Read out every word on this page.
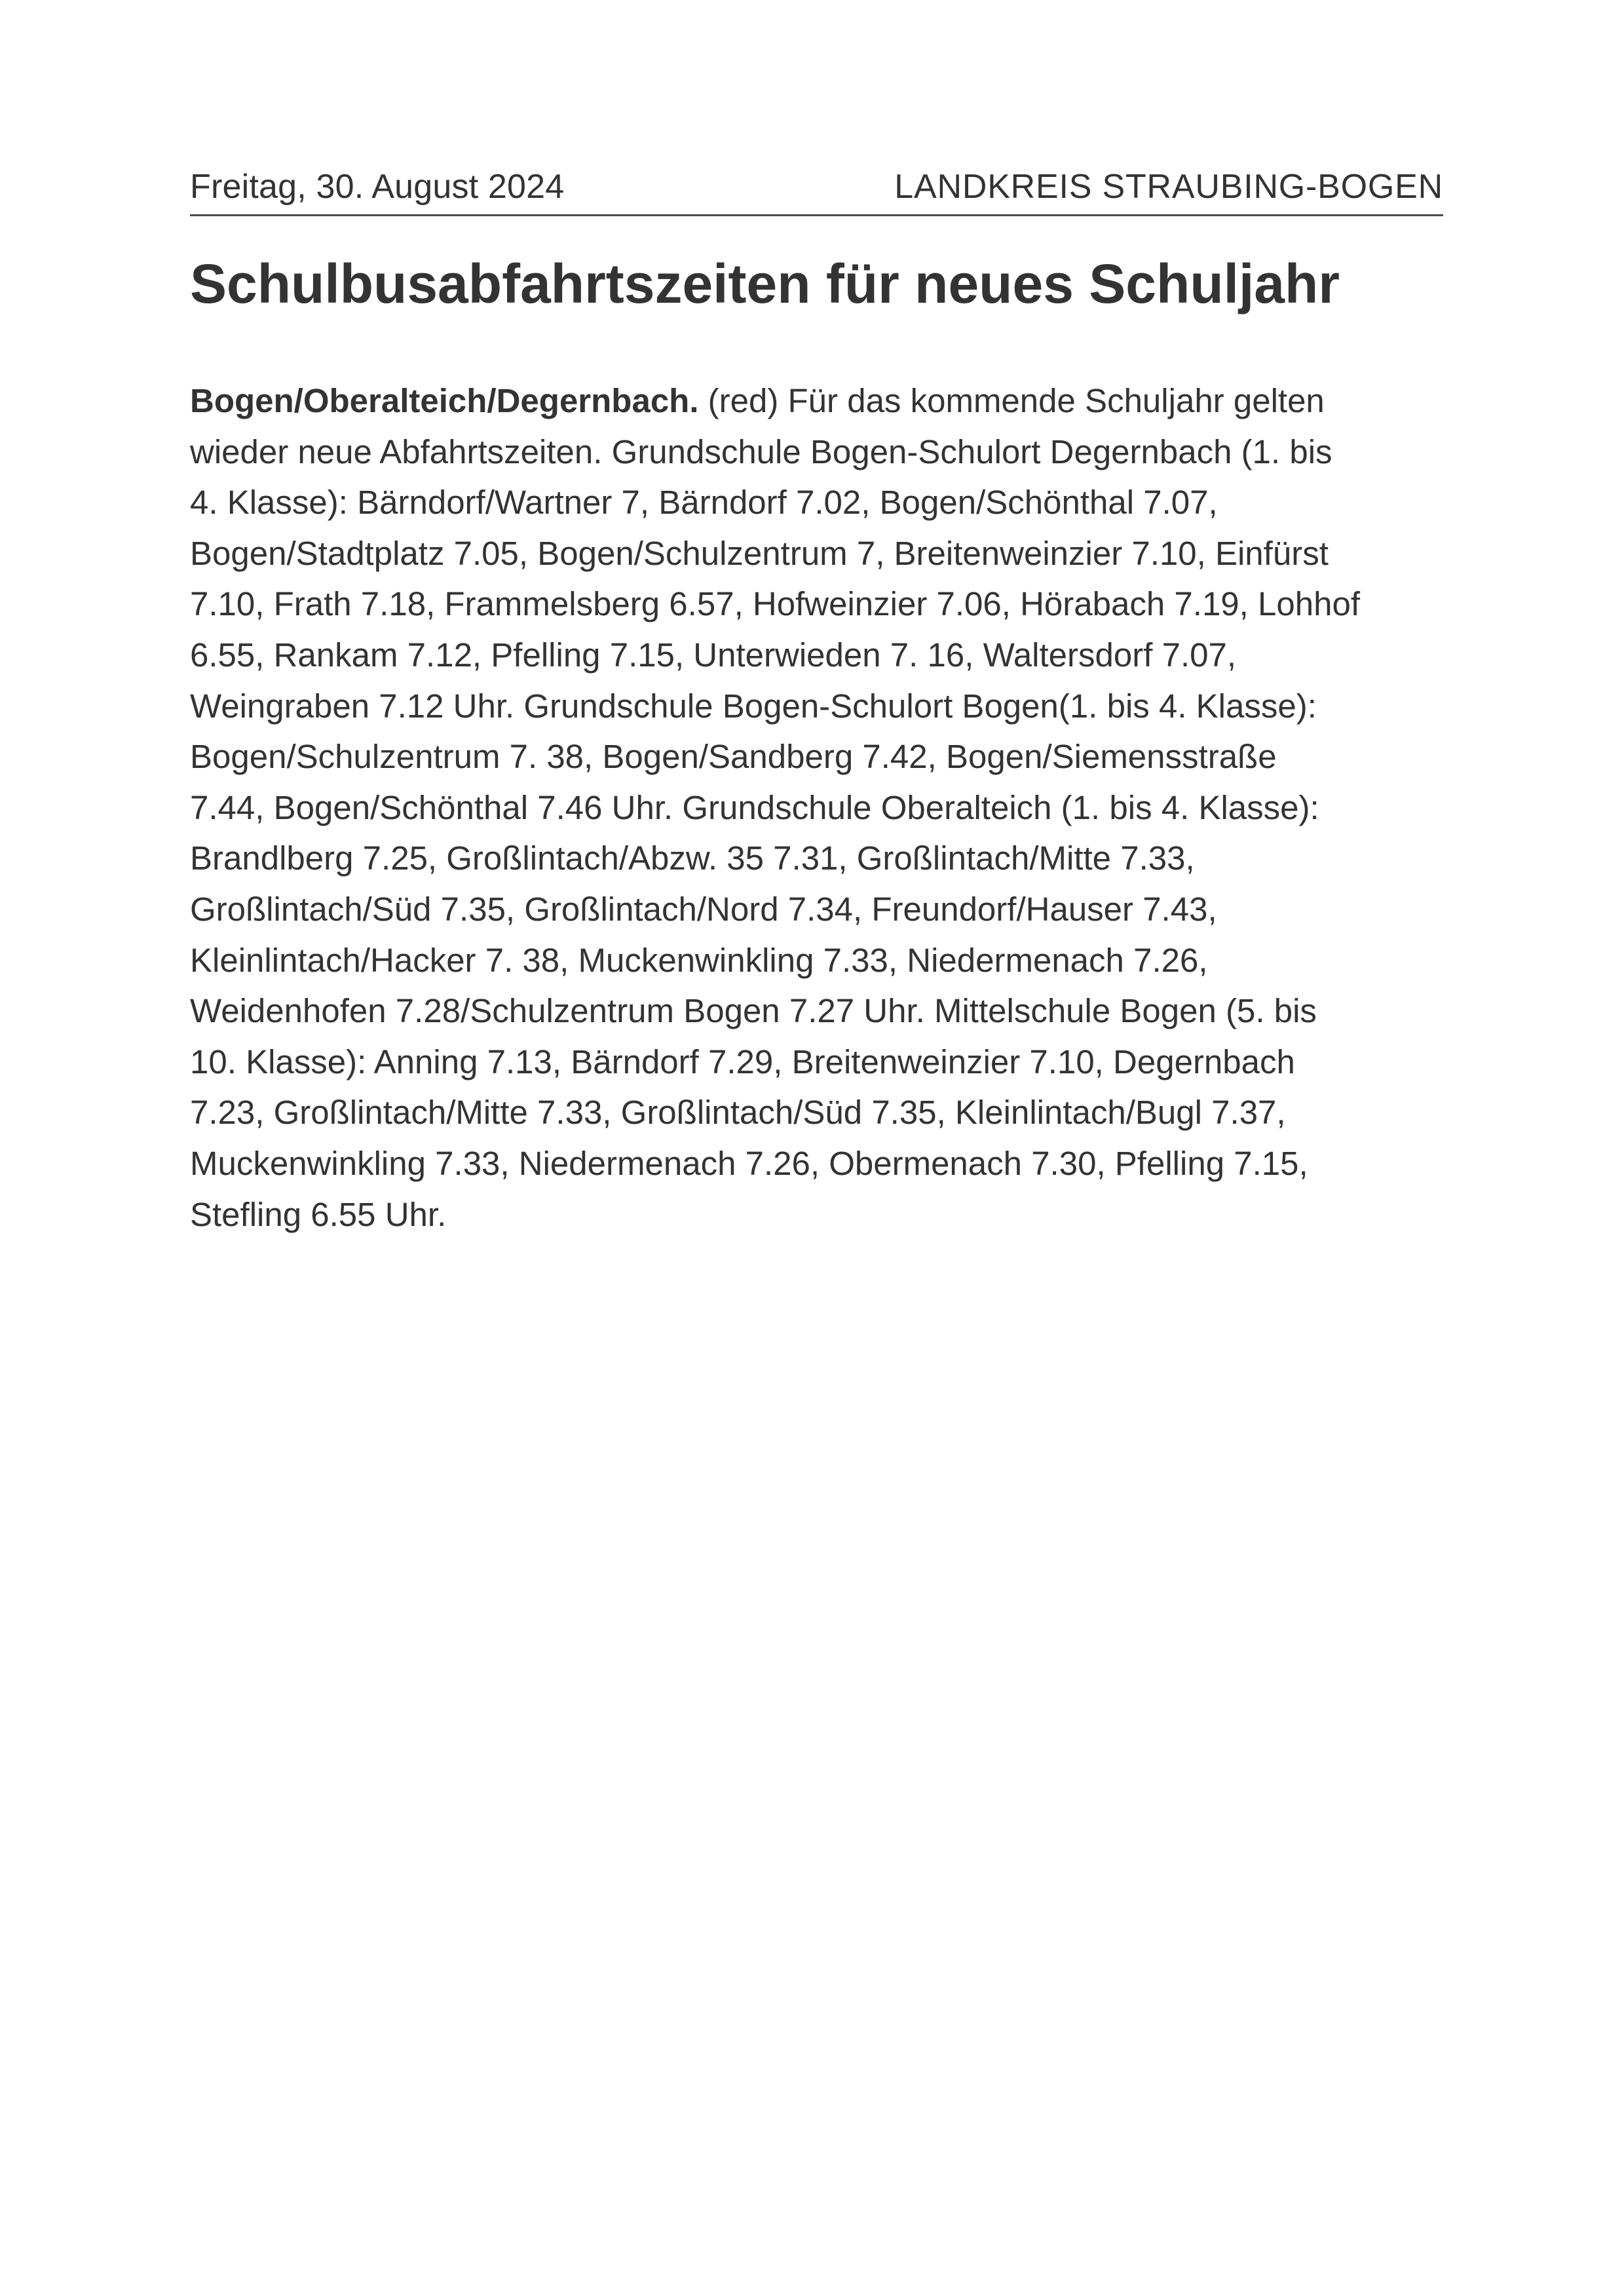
Freitag, 30. August 2024	LANDKREIS STRAUBING-BOGEN
Schulbusabfahrtszeiten für neues Schuljahr
Bogen/Oberalteich/Degernbach. (red) Für das kommende Schuljahr gelten
wieder neue Abfahrtszeiten. Grundschule Bogen-Schulort Degernbach (1. bis
4. Klasse): Bärndorf/Wartner 7, Bärndorf 7.02, Bogen/Schönthal 7.07,
Bogen/Stadtplatz 7.05, Bogen/Schulzentrum 7, Breitenweinzier 7.10, Einfürst
7.10, Frath 7.18, Frammelsberg 6.57, Hofweinzier 7.06, Hörabach 7.19, Lohhof
6.55, Rankam 7.12, Pfelling 7.15, Unterwieden 7. 16, Waltersdorf 7.07,
Weingraben 7.12 Uhr. Grundschule Bogen-Schulort Bogen(1. bis 4. Klasse):
Bogen/Schulzentrum 7. 38, Bogen/Sandberg 7.42, Bogen/Siemensstraße
7.44, Bogen/Schönthal 7.46 Uhr. Grundschule Oberalteich (1. bis 4. Klasse):
Brandlberg 7.25, Großlintach/Abzw. 35 7.31, Großlintach/Mitte 7.33,
Großlintach/Süd 7.35, Großlintach/Nord 7.34, Freundorf/Hauser 7.43,
Kleinlintach/Hacker 7. 38, Muckenwinkling 7.33, Niedermenach 7.26,
Weidenhofen 7.28/Schulzentrum Bogen 7.27 Uhr. Mittelschule Bogen (5. bis
10. Klasse): Anning 7.13, Bärndorf 7.29, Breitenweinzier 7.10, Degernbach
7.23, Großlintach/Mitte 7.33, Großlintach/Süd 7.35, Kleinlintach/Bugl 7.37,
Muckenwinkling 7.33, Niedermenach 7.26, Obermenach 7.30, Pfelling 7.15,
Stefling 6.55 Uhr.
